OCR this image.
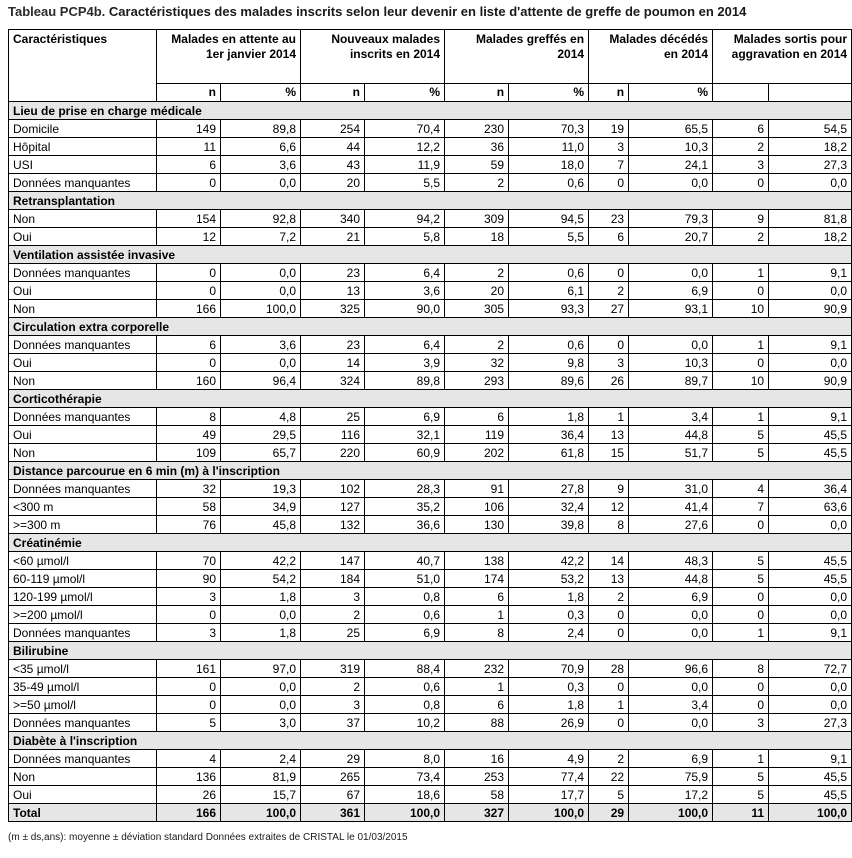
Tableau PCP4b. Caractéristiques des malades inscrits selon leur devenir en liste d'attente de greffe de poumon en 2014
Caractéristiques	Malades en attente au 1er janvier 2014		Nouveaux malades inscrits en 2014		Malades greffés en 2014		Malades décédés en 2014		Malades sortis pour aggravation en 2014	
	n	%	n	%	n	%	n	%		
Lieu de prise en charge médicale										
Domicile	149	89,8	254	70,4	230	70,3	19	65,5	6	54,5
Hôpital	11	6,6	44	12,2	36	11,0	3	10,3	2	18,2
USI	6	3,6	43	11,9	59	18,0	7	24,1	3	27,3
Données manquantes	0	0,0	20	5,5	2	0,6	0	0,0	0	0,0
Retransplantation										
Non	154	92,8	340	94,2	309	94,5	23	79,3	9	81,8
Oui	12	7,2	21	5,8	18	5,5	6	20,7	2	18,2
Ventilation assistée invasive										
Données manquantes	0	0,0	23	6,4	2	0,6	0	0,0	1	9,1
Oui	0	0,0	13	3,6	20	6,1	2	6,9	0	0,0
Non	166	100,0	325	90,0	305	93,3	27	93,1	10	90,9
Circulation extra corporelle										
Données manquantes	6	3,6	23	6,4	2	0,6	0	0,0	1	9,1
Oui	0	0,0	14	3,9	32	9,8	3	10,3	0	0,0
Non	160	96,4	324	89,8	293	89,6	26	89,7	10	90,9
Corticothérapie										
Données manquantes	8	4,8	25	6,9	6	1,8	1	3,4	1	9,1
Oui	49	29,5	116	32,1	119	36,4	13	44,8	5	45,5
Non	109	65,7	220	60,9	202	61,8	15	51,7	5	45,5
Distance parcourue en 6 min (m) à l'inscription										
Données manquantes	32	19,3	102	28,3	91	27,8	9	31,0	4	36,4
<300 m	58	34,9	127	35,2	106	32,4	12	41,4	7	63,6
>=300 m	76	45,8	132	36,6	130	39,8	8	27,6	0	0,0
Créatinémie										
<60 µmol/l	70	42,2	147	40,7	138	42,2	14	48,3	5	45,5
60-119 µmol/l	90	54,2	184	51,0	174	53,2	13	44,8	5	45,5
120-199 µmol/l	3	1,8	3	0,8	6	1,8	2	6,9	0	0,0
>=200 µmol/l	0	0,0	2	0,6	1	0,3	0	0,0	0	0,0
Données manquantes	3	1,8	25	6,9	8	2,4	0	0,0	1	9,1
Bilirubine										
<35 µmol/l	161	97,0	319	88,4	232	70,9	28	96,6	8	72,7
35-49 µmol/l	0	0,0	2	0,6	1	0,3	0	0,0	0	0,0
>=50 µmol/l	0	0,0	3	0,8	6	1,8	1	3,4	0	0,0
Données manquantes	5	3,0	37	10,2	88	26,9	0	0,0	3	27,3
Diabète à l'inscription										
Données manquantes	4	2,4	29	8,0	16	4,9	2	6,9	1	9,1
Non	136	81,9	265	73,4	253	77,4	22	75,9	5	45,5
Oui	26	15,7	67	18,6	58	17,7	5	17,2	5	45,5
Total	166	100,0	361	100,0	327	100,0	29	100,0	11	100,0
(m ± ds,ans): moyenne ± déviation standard Données extraites de CRISTAL le 01/03/2015
